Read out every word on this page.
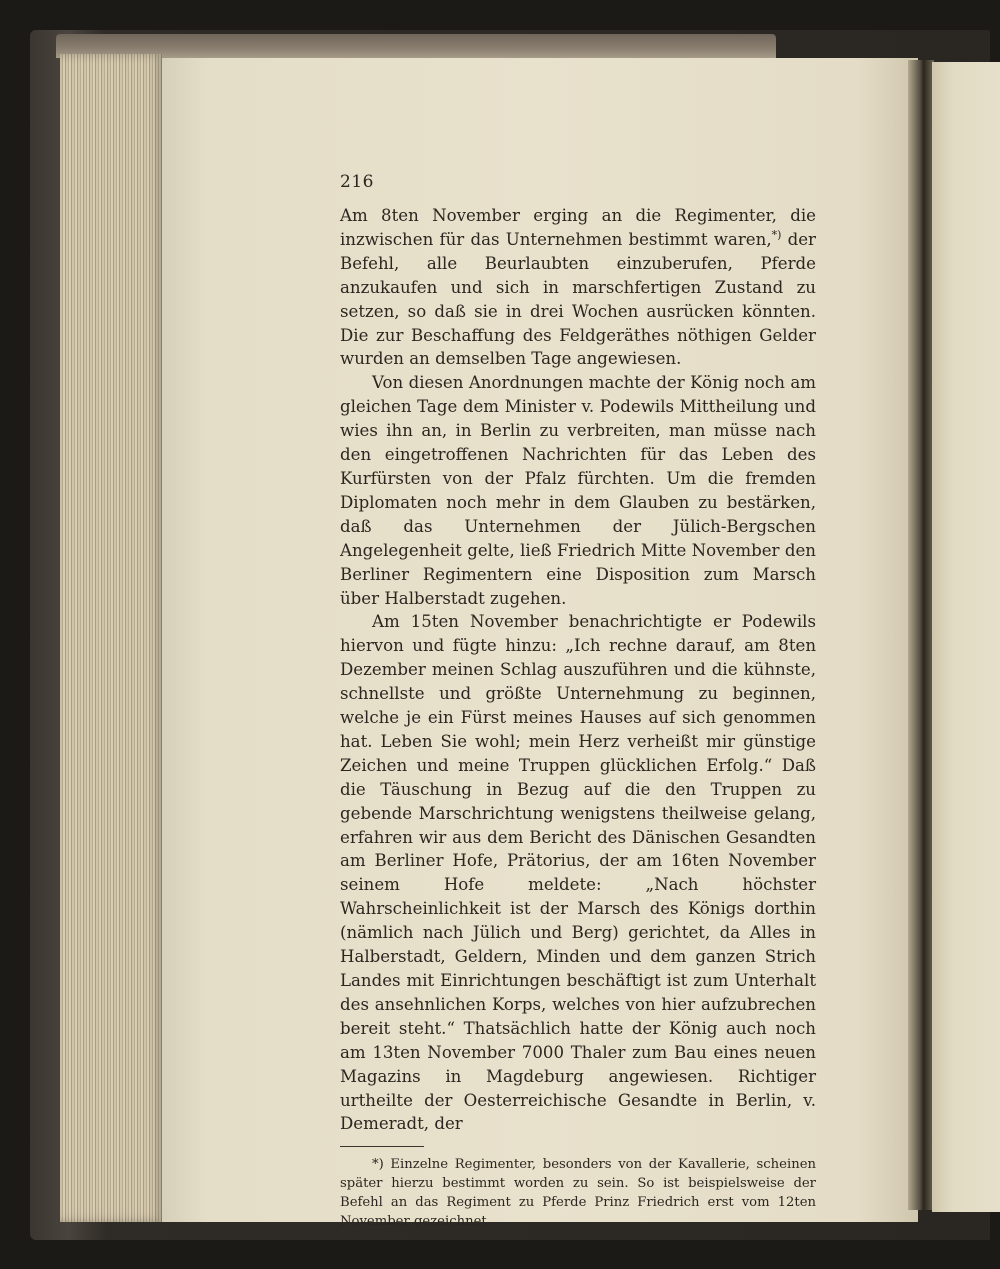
216

Am 8ten November erging an die Regimenter, die inzwischen für das Unternehmen bestimmt waren,*) der Befehl, alle Beurlaubten einzuberufen, Pferde anzukaufen und sich in marschfertigen Zustand zu setzen, so daß sie in drei Wochen ausrücken könnten. Die zur Beschaffung des Feldgeräthes nöthigen Gelder wurden an demselben Tage angewiesen.

Von diesen Anordnungen machte der König noch am gleichen Tage dem Minister v. Podewils Mittheilung und wies ihn an, in Berlin zu verbreiten, man müsse nach den eingetroffenen Nachrichten für das Leben des Kurfürsten von der Pfalz fürchten. Um die fremden Diplomaten noch mehr in dem Glauben zu bestärken, daß das Unternehmen der Jülich-Bergschen Angelegenheit gelte, ließ Friedrich Mitte November den Berliner Regimentern eine Disposition zum Marsch über Halberstadt zugehen.

Am 15ten November benachrichtigte er Podewils hiervon und fügte hinzu: „Ich rechne darauf, am 8ten Dezember meinen Schlag auszuführen und die kühnste, schnellste und größte Unternehmung zu beginnen, welche je ein Fürst meines Hauses auf sich genommen hat. Leben Sie wohl; mein Herz verheißt mir günstige Zeichen und meine Truppen glücklichen Erfolg.“ Daß die Täuschung in Bezug auf die den Truppen zu gebende Marschrichtung wenigstens theilweise gelang, erfahren wir aus dem Bericht des Dänischen Gesandten am Berliner Hofe, Prätorius, der am 16ten November seinem Hofe meldete: „Nach höchster Wahrscheinlichkeit ist der Marsch des Königs dorthin (nämlich nach Jülich und Berg) gerichtet, da Alles in Halberstadt, Geldern, Minden und dem ganzen Strich Landes mit Einrichtungen beschäftigt ist zum Unterhalt des ansehnlichen Korps, welches von hier aufzubrechen bereit steht.“ Thatsächlich hatte der König auch noch am 13ten November 7000 Thaler zum Bau eines neuen Magazins in Magdeburg angewiesen. Richtiger urtheilte der Oesterreichische Gesandte in Berlin, v. Demeradt, der

*) Einzelne Regimenter, besonders von der Kavallerie, scheinen später hierzu bestimmt worden zu sein. So ist beispielsweise der Befehl an das Regiment zu Pferde Prinz Friedrich erst vom 12ten November gezeichnet.
